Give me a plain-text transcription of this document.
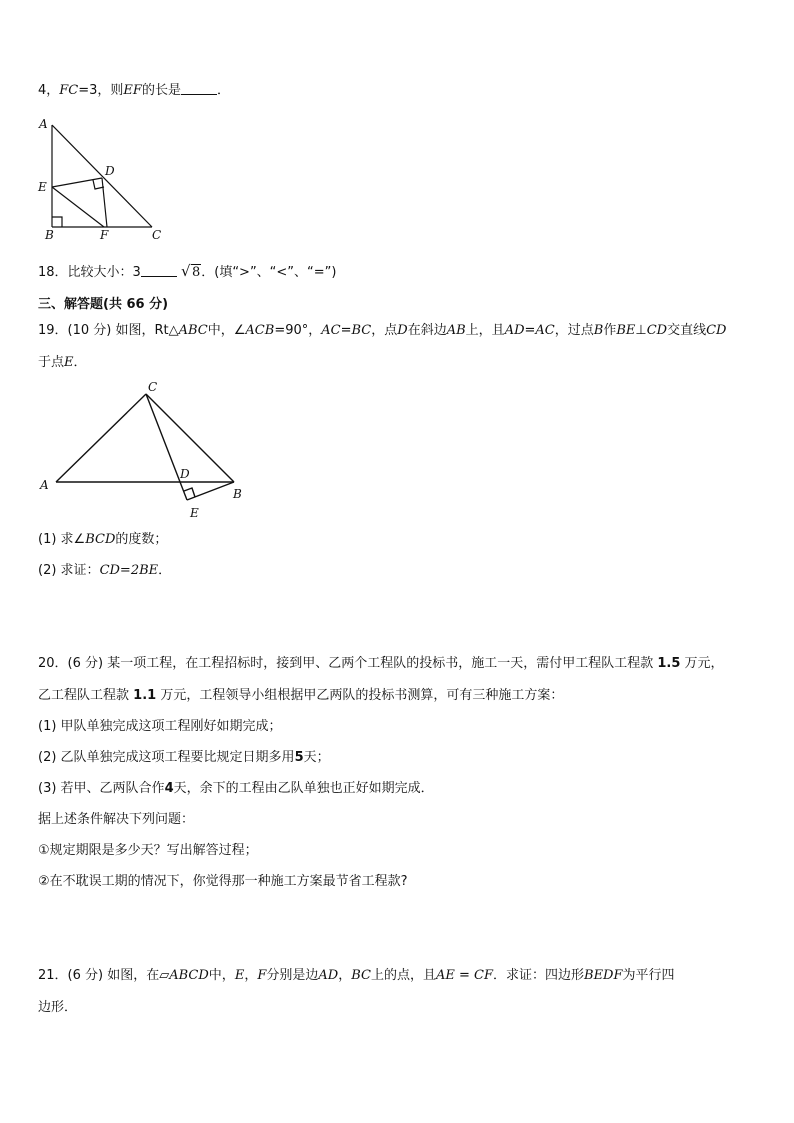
4，FC=3，则EF的长是	．
A
E
B	F	C
D
18．比较大小：3	√ 8．(填“>”、“<”、“=”)
三、解答题(共 66 分)
19．(10 分) 如图，Rt△ABC中，∠ACB=90°，AC=BC，点D在斜边AB上，且AD=AC，过点B作BE⊥CD交直线CD
于点E．
A
C
D
B
E
(1) 求∠BCD的度数；
(2) 求证：CD=2BE．
20．(6 分) 某一项工程，在工程招标时，接到甲、乙两个工程队的投标书，施工一天，需付甲工程队工程款 1.5 万元，
乙工程队工程款 1.1 万元，工程领导小组根据甲乙两队的投标书测算，可有三种施工方案：
(1) 甲队单独完成这项工程刚好如期完成；
(2) 乙队单独完成这项工程要比规定日期多用5天；
(3) 若甲、乙两队合作4天，余下的工程由乙队单独也正好如期完成．
据上述条件解决下列问题：
①规定期限是多少天？写出解答过程；
②在不耽误工期的情况下，你觉得那一种施工方案最节省工程款?
21．(6 分) 如图，在▱ABCD中，E，F分别是边AD，BC上的点，且AE = CF．求证：四边形BEDF为平行四
边形．
